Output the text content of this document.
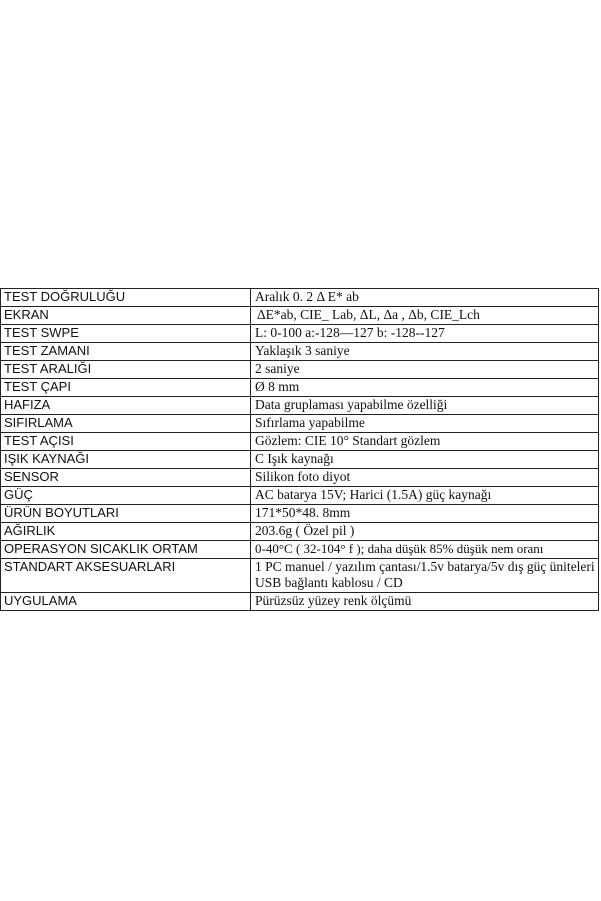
TEST DOĞRULUĞU	Aralık 0. 2 Δ E* ab
EKRAN	ΔE*ab, CIE_ Lab, ΔL, Δa , Δb, CIE_Lch
TEST SWPE	L: 0-100 a:-128—127 b: -128--127
TEST ZAMANI	Yaklaşık 3 saniye
TEST ARALIĞI	2 saniye
TEST ÇAPI	Ø 8 mm
HAFIZA	Data gruplaması yapabilme özelliği
SIFIRLAMA	Sıfırlama yapabilme
TEST AÇISI	Gözlem: CIE 10° Standart gözlem
IŞIK KAYNAĞI	C Işık kaynağı
SENSOR	Silikon foto diyot
GÜÇ	AC batarya 15V; Harici (1.5A) güç kaynağı
ÜRÜN BOYUTLARI	171*50*48. 8mm
AĞIRLIK	203.6g ( Özel pil )
OPERASYON SICAKLIK ORTAM	0-40°C ( 32-104° f ); daha düşük 85% düşük nem oranı
STANDART AKSESUARLARI	1 PC manuel / yazılım çantası/1.5v batarya/5v dış güç üniteleri USB bağlantı kablosu / CD
UYGULAMA	Pürüzsüz yüzey renk ölçümü
